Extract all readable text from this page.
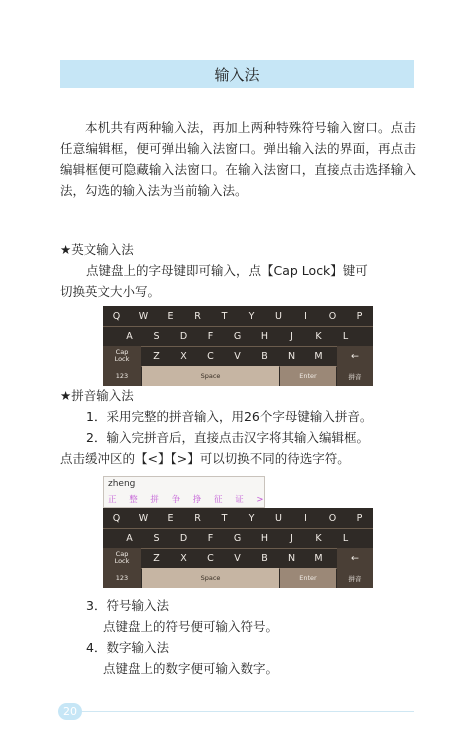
输入法

本机共有两种输入法，再加上两种特殊符号输入窗口。点击任意编辑框，便可弹出输入法窗口。弹出输入法的界面，再点击编辑框便可隐藏输入法窗口。在输入法窗口，直接点击选择输入法，勾选的输入法为当前输入法。

★英文输入法
点键盘上的字母键即可输入，点【Cap Lock】键可
切换英文大小写。
Q	W	E	R	T	Y	U	I	O	P
A	S	D	F	G	H	J	K	L
Cap
Lock	Z	X	C	V	B	N	M	←
123	Space	Enter	拼音
★拼音输入法
1．采用完整的拼音输入，用26个字母键输入拼音。
2．输入完拼音后，直接点击汉字将其输入编辑框。
点击缓冲区的【<】【>】可以切换不同的待选字符。
zheng
正 整 拼 争 挣 征 证 >
Q	W	E	R	T	Y	U	I	O	P
A	S	D	F	G	H	J	K	L
Cap
Lock	Z	X	C	V	B	N	M	←
123	Space	Enter	拼音
3．符号输入法
点键盘上的符号便可输入符号。
4．数字输入法
点键盘上的数字便可输入数字。
20
